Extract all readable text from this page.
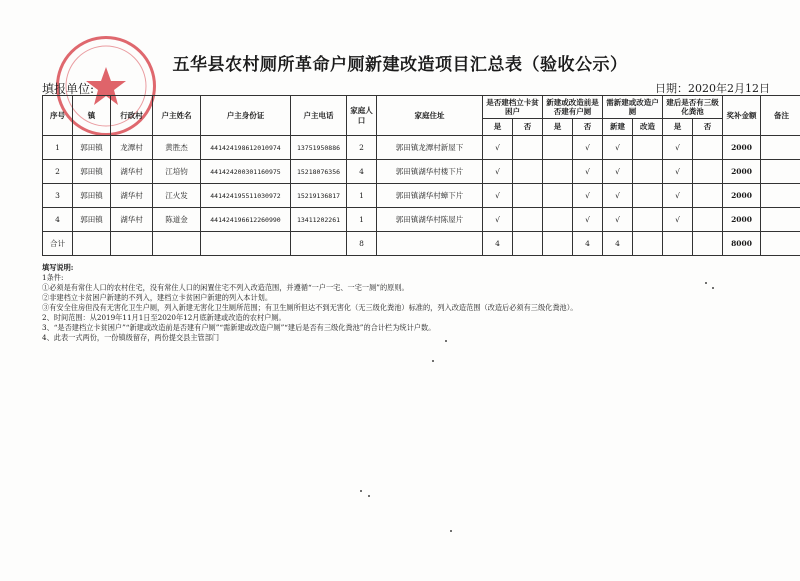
五华县农村厕所革命户厕新建改造项目汇总表（验收公示）
填报单位:	日期：2020年2月12日
序号	镇	行政村	户主姓名	户主身份证	户主电话	家庭人口	家庭住址	是否建档立卡贫困户		新建或改造前是否建有户厕		需新建或改造户厕		建后是否有三级化粪池		奖补金额	备注
								是	否	是	否	新建	改造	是	否		
1	郭田镇	龙潭村	黄胜杰	441424198612010974	13751950886	2	郭田镇龙潭村新屋下	√			√	√		√		2000	
2	郭田镇	湖华村	江培钧	441424200301160975	15218076356	4	郭田镇湖华村楼下片	√			√	√		√		2000	
3	郭田镇	湖华村	江火发	441424195511030972	15219136817	1	郭田镇湖华村蟑下片	√			√	√		√		2000	
4	郭田镇	湖华村	陈道金	441424196612260990	13411202261	1	郭田镇湖华村陈屋片	√			√	√		√		2000	
合计						8		4			4	4				8000	
填写说明:
1条件:
①必须是有常住人口的农村住宅，没有常住人口的闲置住宅不列入改造范围，并遵循“一户一宅、一宅一厕”的原则。
②非建档立卡贫困户新建的不列入，建档立卡贫困户新建的列入本计划。
③有安全住房但没有无害化卫生户厕，列入新建无害化卫生厕所范围；有卫生厕所但达不到无害化（无三级化粪池）标准的，列入改造范围（改造后必须有三级化粪池）。
2、时间范围：从2019年11月1日至2020年12月底新建或改造的农村户厕。
3、“是否建档立卡贫困户”“新建或改造前是否建有户厕”“需新建或改造户厕”“建后是否有三级化粪池”的合计栏为统计户数。
4、此表一式两份，一份镇级留存，两份提交县主管部门
